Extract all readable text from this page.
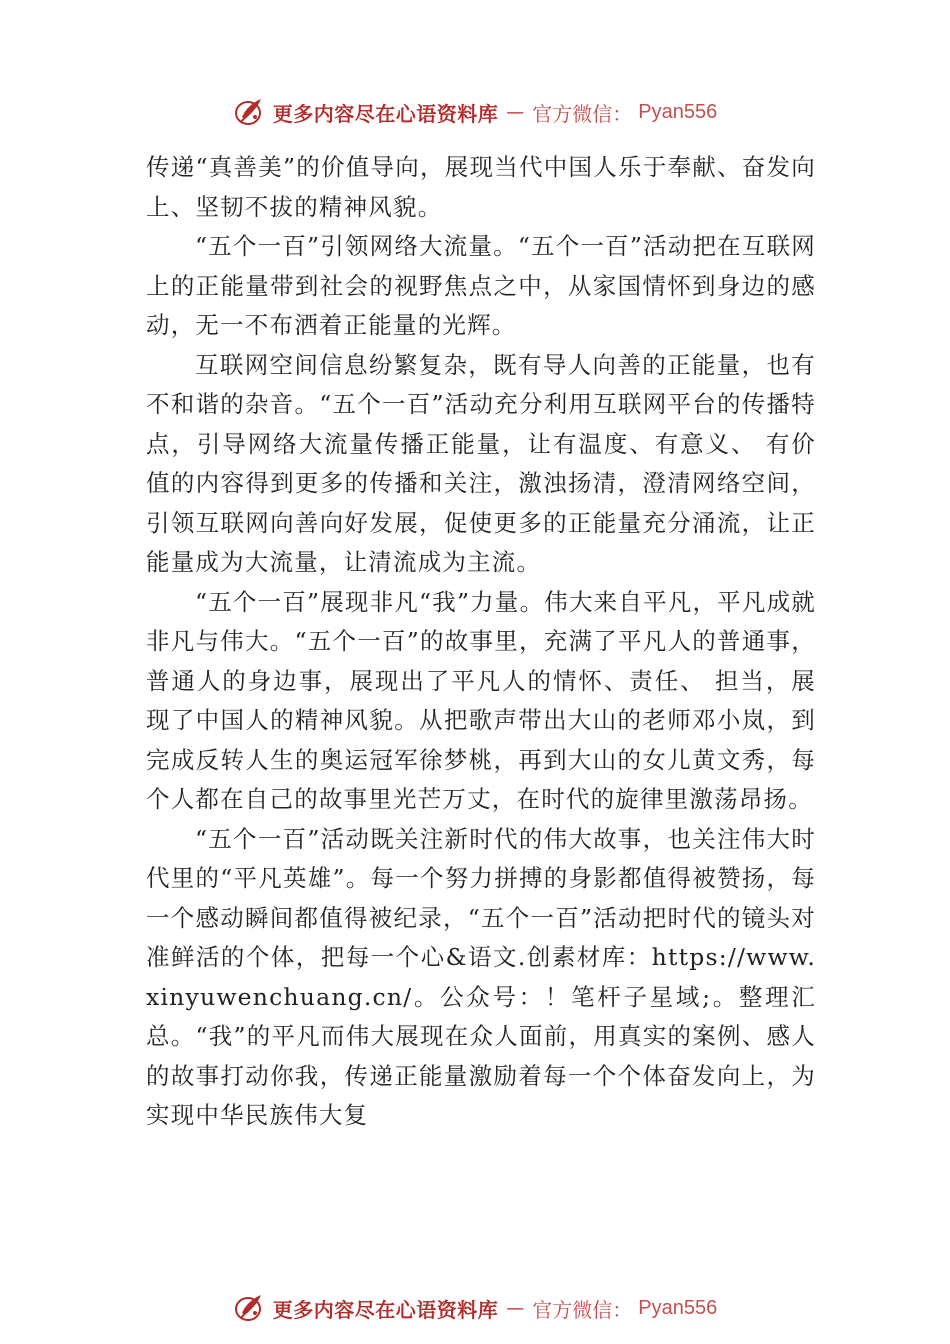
更多内容尽在心语资料库 — 官方微信： Pyan556

传递“真善美”的价值导向，展现当代中国人乐于奉献、奋发向上、坚韧不拔的精神风貌。

“五个一百”引领网络大流量。“五个一百”活动把在互联网上的正能量带到社会的视野焦点之中，从家国情怀到身边的感动，无一不布洒着正能量的光辉。

互联网空间信息纷繁复杂，既有导人向善的正能量，也有不和谐的杂音。“五个一百”活动充分利用互联网平台的传播特点，引导网络大流量传播正能量，让有温度、有意义、 有价值的内容得到更多的传播和关注，激浊扬清，澄清网络空间，引领互联网向善向好发展，促使更多的正能量充分涌流，让正能量成为大流量，让清流成为主流。

“五个一百”展现非凡“我”力量。伟大来自平凡，平凡成就非凡与伟大。“五个一百”的故事里，充满了平凡人的普通事，普通人的身边事，展现出了平凡人的情怀、责任、 担当，展现了中国人的精神风貌。从把歌声带出大山的老师邓小岚，到完成反转人生的奥运冠军徐梦桃，再到大山的女儿黄文秀，每个人都在自己的故事里光芒万丈，在时代的旋律里激荡昂扬。

“五个一百”活动既关注新时代的伟大故事，也关注伟大时代里的“平凡英雄”。每一个努力拼搏的身影都值得被赞扬，每一个感动瞬间都值得被纪录，“五个一百”活动把时代的镜头对准鲜活的个体，把每一个心&语文.创素材库：https://www.xinyuwenchuang.cn/。公众号：！笔杆子星域;。整理汇总。“我”的平凡而伟大展现在众人面前，用真实的案例、感人的故事打动你我，传递正能量激励着每一个个体奋发向上，为实现中华民族伟大复

更多内容尽在心语资料库 — 官方微信： Pyan556
